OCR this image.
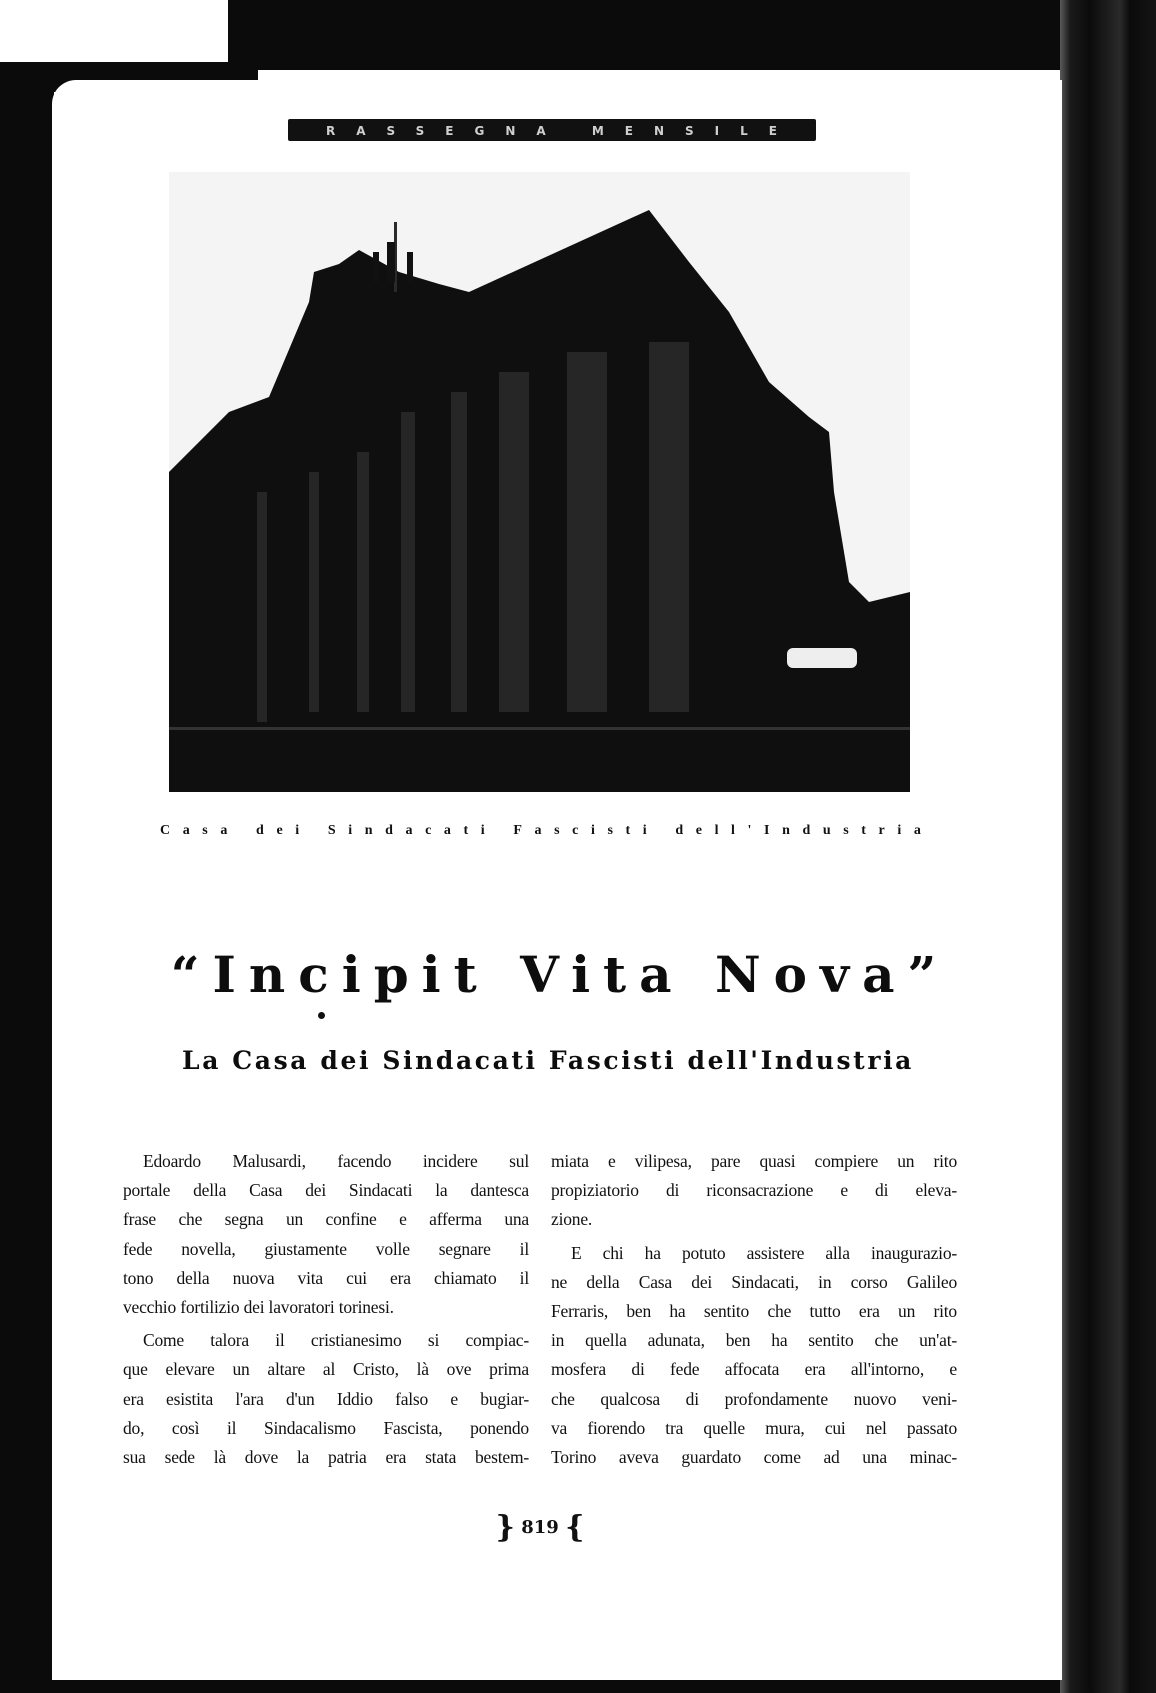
RASSEGNA MENSILE
Casa dei Sindacati Fascisti dell'Industria
“Incipit Vita Nova”
La Casa dei Sindacati Fascisti dell'Industria

Edoardo Malusardi, facendo incidere sul
portale della Casa dei Sindacati la dantesca
frase che segna un confine e afferma una
fede novella, giustamente volle segnare il
tono della nuova vita cui era chiamato il
vecchio fortilizio dei lavoratori torinesi.

Come talora il cristianesimo si compiac-
que elevare un altare al Cristo, là ove prima
era esistita l'ara d'un Iddio falso e bugiar-
do, così il Sindacalismo Fascista, ponendo
sua sede là dove la patria era stata bestem-

miata e vilipesa, pare quasi compiere un rito
propiziatorio di riconsacrazione e di eleva-
zione.

E chi ha potuto assistere alla inaugurazio-
ne della Casa dei Sindacati, in corso Galileo
Ferraris, ben ha sentito che tutto era un rito
in quella adunata, ben ha sentito che un'at-
mosfera di fede affocata era all'intorno, e
che qualcosa di profondamente nuovo veni-
va fiorendo tra quelle mura, cui nel passato
Torino aveva guardato come ad una minac-

} 819 {
